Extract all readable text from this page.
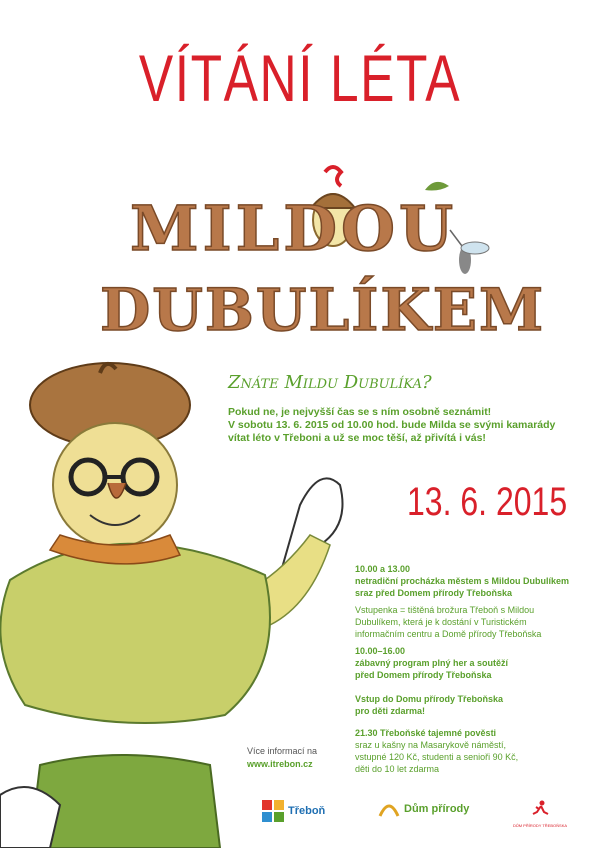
VÍTÁNÍ LÉTA
MILDOU
DUBULÍKEM
Znáte Mildu Dubulíka?
Pokud ne, je nejvyšší čas se s ním osobně seznámit!
V sobotu 13. 6. 2015 od 10.00 hod. bude Milda se svými kamarády
vítat léto v Třeboni a už se moc těší, až přivítá i vás!
13. 6. 2015
10.00 a 13.00
netradiční procházka městem s Mildou Dubulíkem
sraz před Domem přírody Třeboňska
Vstupenka = tištěná brožura Třeboň s Mildou
Dubulíkem, která je k dostání v Turistickém
informačním centru a Domě přírody Třeboňska
10.00–16.00
zábavný program plný her a soutěží
před Domem přírody Třeboňska
Vstup do Domu přírody Třeboňska
pro děti zdarma!
21.30 Třeboňské tajemné pověsti
sraz u kašny na Masarykově náměstí,
vstupné 120 Kč, studenti a senioři 90 Kč,
děti do 10 let zdarma
Více informací na
www.itrebon.cz
Třeboň	Dům přírody
DŮM PŘÍRODY TŘEBOŇSKA
